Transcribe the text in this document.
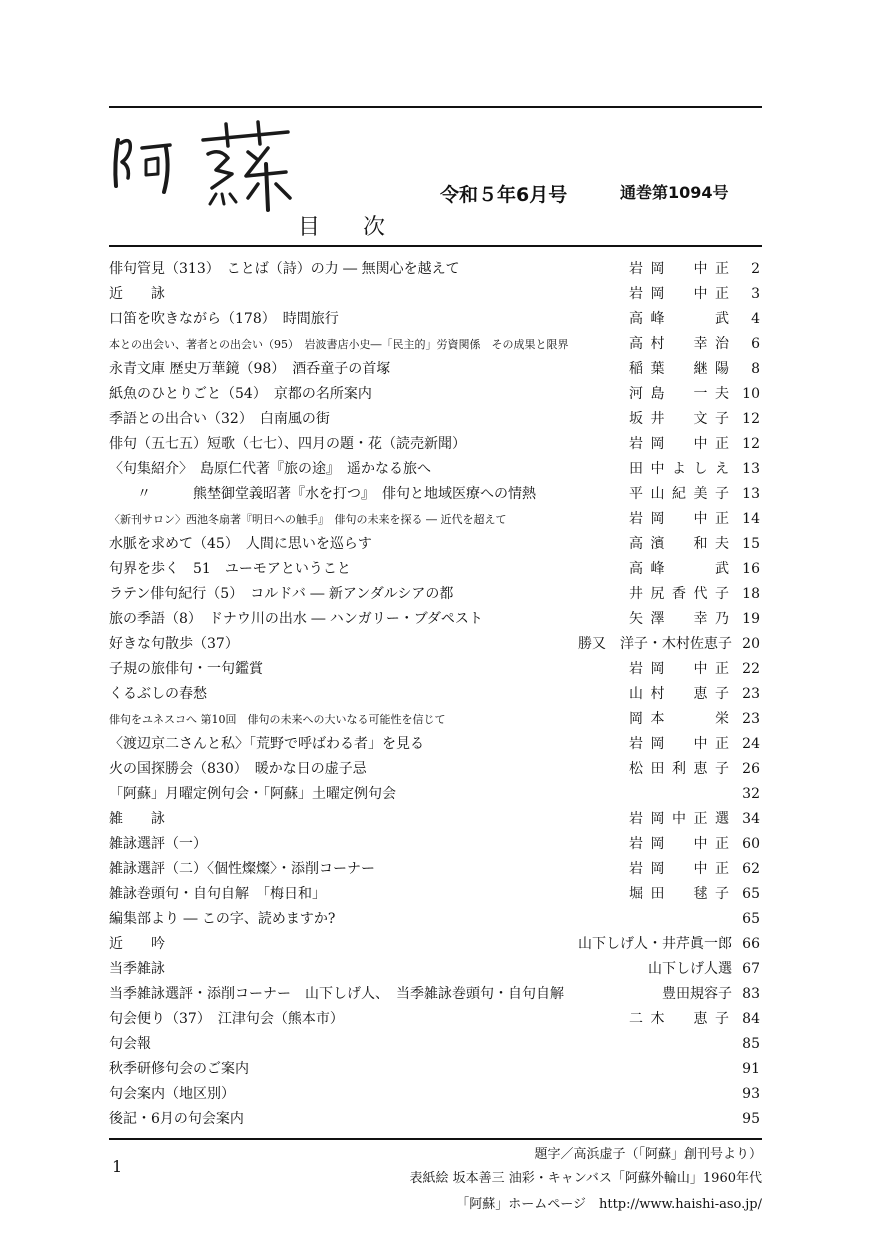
阿蘇
目 次
令和５年6月号	通巻第1094号
俳句管見（313）　ことば（詩）の力 ― 無関心を越えて	岩岡　中正 2
近　　詠	岩岡　中正 3
口笛を吹きながら（178）　時間旅行	高峰　　武 4
本との出会い、著者との出会い（95）　岩波書店小史―「民主的」労資関係　その成果と限界	高村　幸治 6
永青文庫 歴史万華鏡（98）　酒呑童子の首塚	稲葉　継陽 8
紙魚のひとりごと（54）　京都の名所案内	河島　一夫 10
季語との出合い（32）　白南風の街	坂井　文子 12
俳句（五七五）短歌（七七）、四月の題・花（読売新聞）	岩岡　中正 12
〈句集紹介〉　島原仁代著『旅の途』　遥かなる旅へ	田中よしえ 13
　　〃　　　熊埜御堂義昭著『水を打つ』　俳句と地域医療への情熱	平山紀美子 13
〈新刊サロン〉西池冬扇著『明日への触手』　俳句の未来を探る ― 近代を超えて	岩岡　中正 14
水脈を求めて（45）　人間に思いを巡らす	高濱　和夫 15
句界を歩く　51　ユーモアということ	高峰　　武 16
ラテン俳句紀行（5）　コルドバ ― 新アンダルシアの都	井尻香代子 18
旅の季語（8）　ドナウ川の出水 ― ハンガリー・ブダペスト	矢澤　幸乃 19
好きな句散歩（37）	勝又　洋子・木村佐恵子 20
子規の旅俳句・一句鑑賞	岩岡　中正 22
くるぶしの春愁	山村　恵子 23
俳句をユネスコへ 第10回　俳句の未来への大いなる可能性を信じて	岡本　　栄 23
〈渡辺京二さんと私〉「荒野で呼ばわる者」を見る	岩岡　中正 24
火の国探勝会（830）　暖かな日の虚子忌	松田利恵子 26
「阿蘇」月曜定例句会・「阿蘇」土曜定例句会	32
雑　　詠	岩岡中正選 34
雑詠選評（一）	岩岡　中正 60
雑詠選評（二）〈個性燦燦〉・添削コーナー	岩岡　中正 62
雑詠巻頭句・自句自解　「梅日和」	堀田　毬子 65
編集部より ― この字、読めますか?	65
近　　吟	山下しげ人・井芹眞一郎 66
当季雑詠	山下しげ人選 67
当季雑詠選評・添削コーナー　山下しげ人、　当季雑詠巻頭句・自句自解	豊田規容子 83
句会便り（37）　江津句会（熊本市）	二木　恵子 84
句会報	85
秋季研修句会のご案内	91
句会案内（地区別）	93
後記・6月の句会案内	95
1
題字／高浜虚子（「阿蘇」創刊号より）
表紙絵 坂本善三 油彩・キャンバス「阿蘇外輪山」1960年代
「阿蘇」ホームページ　http://www.haishi-aso.jp/
